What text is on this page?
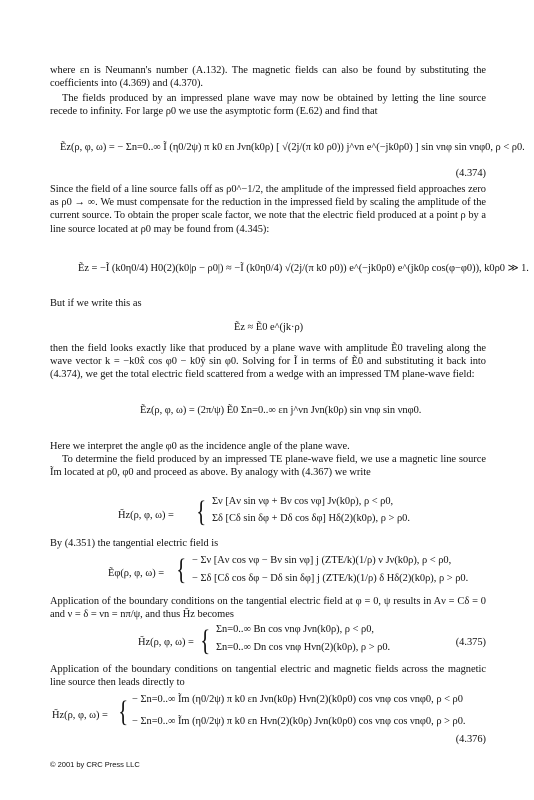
where εn is Neumann's number (A.132). The magnetic fields can also be found by substituting the coefficients into (4.369) and (4.370).
The fields produced by an impressed plane wave may now be obtained by letting the line source recede to infinity. For large ρ0 we use the asymptotic form (E.62) and find that
Ẽz(ρ, φ, ω) = − Σn=0..∞ Ĩ (η0/2ψ) π k0 εn Jνn(k0ρ) [ √(2j/(π k0 ρ0)) j^νn e^(−jk0ρ0) ] sin νnφ sin νnφ0, ρ < ρ0.
(4.374)
Since the field of a line source falls off as ρ0^−1/2, the amplitude of the impressed field approaches zero as ρ0 → ∞. We must compensate for the reduction in the impressed field by scaling the amplitude of the current source. To obtain the proper scale factor, we note that the electric field produced at a point ρ by a line source located at ρ0 may be found from (4.345):
Ẽz = −Ĩ (k0η0/4) H0(2)(k0|ρ − ρ0|) ≈ −Ĩ (k0η0/4) √(2j/(π k0 ρ0)) e^(−jk0ρ0) e^(jk0ρ cos(φ−φ0)), k0ρ0 ≫ 1.
But if we write this as
Ẽz ≈ Ẽ0 e^(jk·ρ)
then the field looks exactly like that produced by a plane wave with amplitude Ẽ0 traveling along the wave vector k = −k0x̂ cos φ0 − k0ŷ sin φ0. Solving for Ĩ in terms of Ẽ0 and substituting it back into (4.374), we get the total electric field scattered from a wedge with an impressed TM plane-wave field:
Ẽz(ρ, φ, ω) = (2π/ψ) Ẽ0 Σn=0..∞ εn j^νn Jνn(k0ρ) sin νnφ sin νnφ0.
Here we interpret the angle φ0 as the incidence angle of the plane wave.
To determine the field produced by an impressed TE plane-wave field, we use a magnetic line source Ĩm located at ρ0, φ0 and proceed as above. By analogy with (4.367) we write
{
H̃z(ρ, φ, ω) =
Σν [Aν sin νφ + Bν cos νφ] Jν(k0ρ), ρ < ρ0,
Σδ [Cδ sin δφ + Dδ cos δφ] Hδ(2)(k0ρ), ρ > ρ0.
By (4.351) the tangential electric field is
{
Ẽφ(ρ, φ, ω) =
− Σν [Aν cos νφ − Bν sin νφ] j (ZTE/k)(1/ρ) ν Jν(k0ρ), ρ < ρ0,
− Σδ [Cδ cos δφ − Dδ sin δφ] j (ZTE/k)(1/ρ) δ Hδ(2)(k0ρ), ρ > ρ0.
Application of the boundary conditions on the tangential electric field at φ = 0, ψ results in Aν = Cδ = 0 and ν = δ = νn = nπ/ψ, and thus H̃z becomes
{
H̃z(ρ, φ, ω) =
Σn=0..∞ Bn cos νnφ Jνn(k0ρ), ρ < ρ0,
Σn=0..∞ Dn cos νnφ Hνn(2)(k0ρ), ρ > ρ0.	(4.375)
Application of the boundary conditions on tangential electric and magnetic fields across the magnetic line source then leads directly to
{
H̃z(ρ, φ, ω) =
− Σn=0..∞ Ĩm (η0/2ψ) π k0 εn Jνn(k0ρ) Hνn(2)(k0ρ0) cos νnφ cos νnφ0, ρ < ρ0
− Σn=0..∞ Ĩm (η0/2ψ) π k0 εn Hνn(2)(k0ρ) Jνn(k0ρ0) cos νnφ cos νnφ0, ρ > ρ0.
(4.376)
© 2001 by CRC Press LLC
